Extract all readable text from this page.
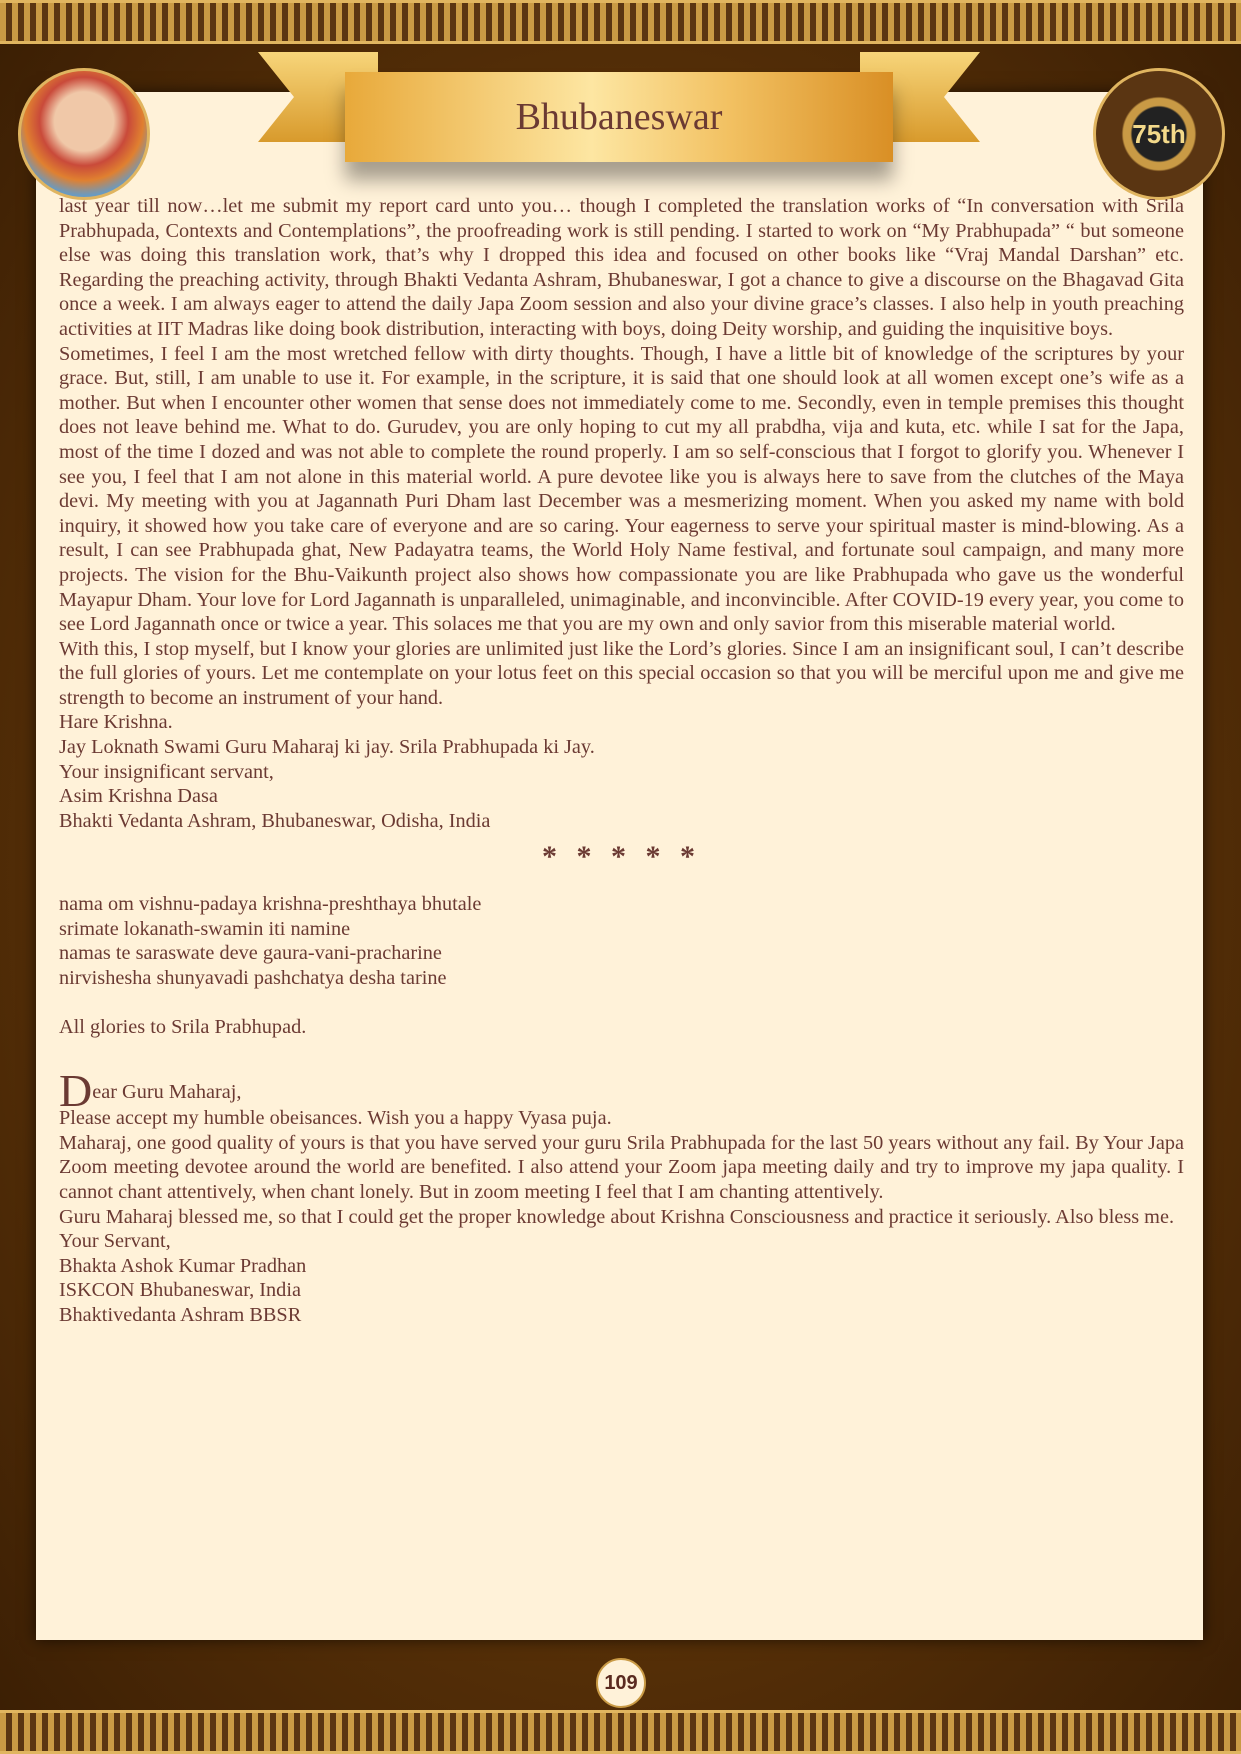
Bhubaneswar	75th

last year till now…let me submit my report card unto you… though I completed the translation works of “In conversation with Srila Prabhupada, Contexts and Contemplations”, the proofreading work is still pending. I started to work on “My Prabhupada” “ but someone else was doing this translation work, that’s why I dropped this idea and focused on other books like “Vraj Mandal Darshan” etc. Regarding the preaching activity, through Bhakti Vedanta Ashram, Bhubaneswar, I got a chance to give a discourse on the Bhagavad Gita once a week. I am always eager to attend the daily Japa Zoom session and also your divine grace’s classes. I also help in youth preaching activities at IIT Madras like doing book distribution, interacting with boys, doing Deity worship, and guiding the inquisitive boys.

Sometimes, I feel I am the most wretched fellow with dirty thoughts. Though, I have a little bit of knowledge of the scriptures by your grace. But, still, I am unable to use it. For example, in the scripture, it is said that one should look at all women except one’s wife as a mother. But when I encounter other women that sense does not immediately come to me. Secondly, even in temple premises this thought does not leave behind me. What to do. Gurudev, you are only hoping to cut my all prabdha, vija and kuta, etc. while I sat for the Japa, most of the time I dozed and was not able to complete the round properly. I am so self-conscious that I forgot to glorify you. Whenever I see you, I feel that I am not alone in this material world. A pure devotee like you is always here to save from the clutches of the Maya devi. My meeting with you at Jagannath Puri Dham last December was a mesmerizing moment. When you asked my name with bold inquiry, it showed how you take care of everyone and are so caring. Your eagerness to serve your spiritual master is mind-blowing. As a result, I can see Prabhupada ghat, New Padayatra teams, the World Holy Name festival, and fortunate soul campaign, and many more projects. The vision for the Bhu-Vaikunth project also shows how compassionate you are like Prabhupada who gave us the wonderful Mayapur Dham. Your love for Lord Jagannath is unparalleled, unimaginable, and inconvincible. After COVID-19 every year, you come to see Lord Jagannath once or twice a year. This solaces me that you are my own and only savior from this miserable material world.

With this, I stop myself, but I know your glories are unlimited just like the Lord’s glories. Since I am an insignificant soul, I can’t describe the full glories of yours. Let me contemplate on your lotus feet on this special occasion so that you will be merciful upon me and give me strength to become an instrument of your hand.

Hare Krishna.

Jay Loknath Swami Guru Maharaj ki jay. Srila Prabhupada ki Jay.

Your insignificant servant,

Asim Krishna Dasa

Bhakti Vedanta Ashram, Bhubaneswar, Odisha, India

* * * * *

nama om vishnu-padaya krishna-preshthaya bhutale

srimate lokanath-swamin iti namine

namas te saraswate deve gaura-vani-pracharine

nirvishesha shunyavadi pashchatya desha tarine

All glories to Srila Prabhupad.

D ear Guru Maharaj,

Please accept my humble obeisances. Wish you a happy Vyasa puja.

Maharaj, one good quality of yours is that you have served your guru Srila Prabhupada for the last 50 years without any fail. By Your Japa Zoom meeting devotee around the world are benefited. I also attend your Zoom japa meeting daily and try to improve my japa quality. I cannot chant attentively, when chant lonely. But in zoom meeting I feel that I am chanting attentively.

Guru Maharaj blessed me, so that I could get the proper knowledge about Krishna Consciousness and practice it seriously. Also bless me.

Your Servant,

Bhakta Ashok Kumar Pradhan

ISKCON Bhubaneswar, India

Bhaktivedanta Ashram BBSR

109
